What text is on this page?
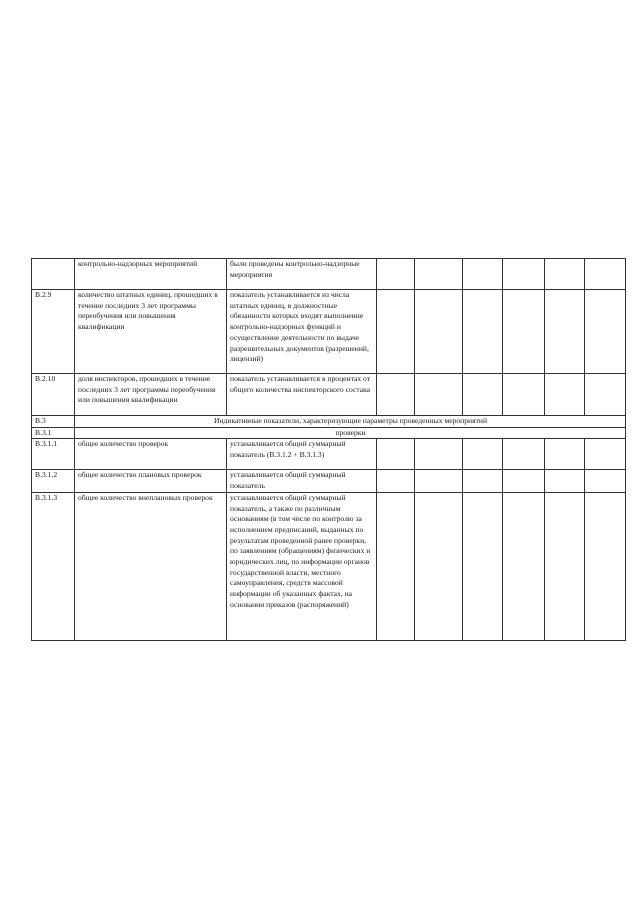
	контрольно-надзорных мероприятий	были проведены контрольно-надзорные мероприятия						
В.2.9	количество штатных единиц, прошедших в течение последних 3 лет программы переобучения или повышения квалификации	показатель устанавливается из числа штатных единиц, в должностные обязанности которых входят выполнение контрольно-надзорных функций и осуществление деятельности по выдаче разрешительных документов (разрешений, лицензий)						
В.2.10	доля инспекторов, прошедших в течение последних 3 лет программы переобучения или повышения квалификации	показатель устанавливается в процентах от общего количества инспекторского состава						
В.3	Индикативные показатели, характеризующие параметры проведенных мероприятий							
В.3.1	проверки							
В.3.1.1	общее количество проверок	устанавливается общий суммарный показатель (В.3.1.2 + В.3.1.3)						
В.3.1.2	общее количество плановых проверок	устанавливается общий суммарный показатель						
В.3.1.3	общее количество внеплановых проверок	устанавливается общий суммарный показатель, а также по различным основаниям (в том числе по контролю за исполнением предписаний, выданных по результатам проведенной ранее проверки, по заявлениям (обращениям) физических и юридических лиц, по информации органов государственной власти, местного самоуправления, средств массовой информации об указанных фактах, на основании приказов (распоряжений)						
